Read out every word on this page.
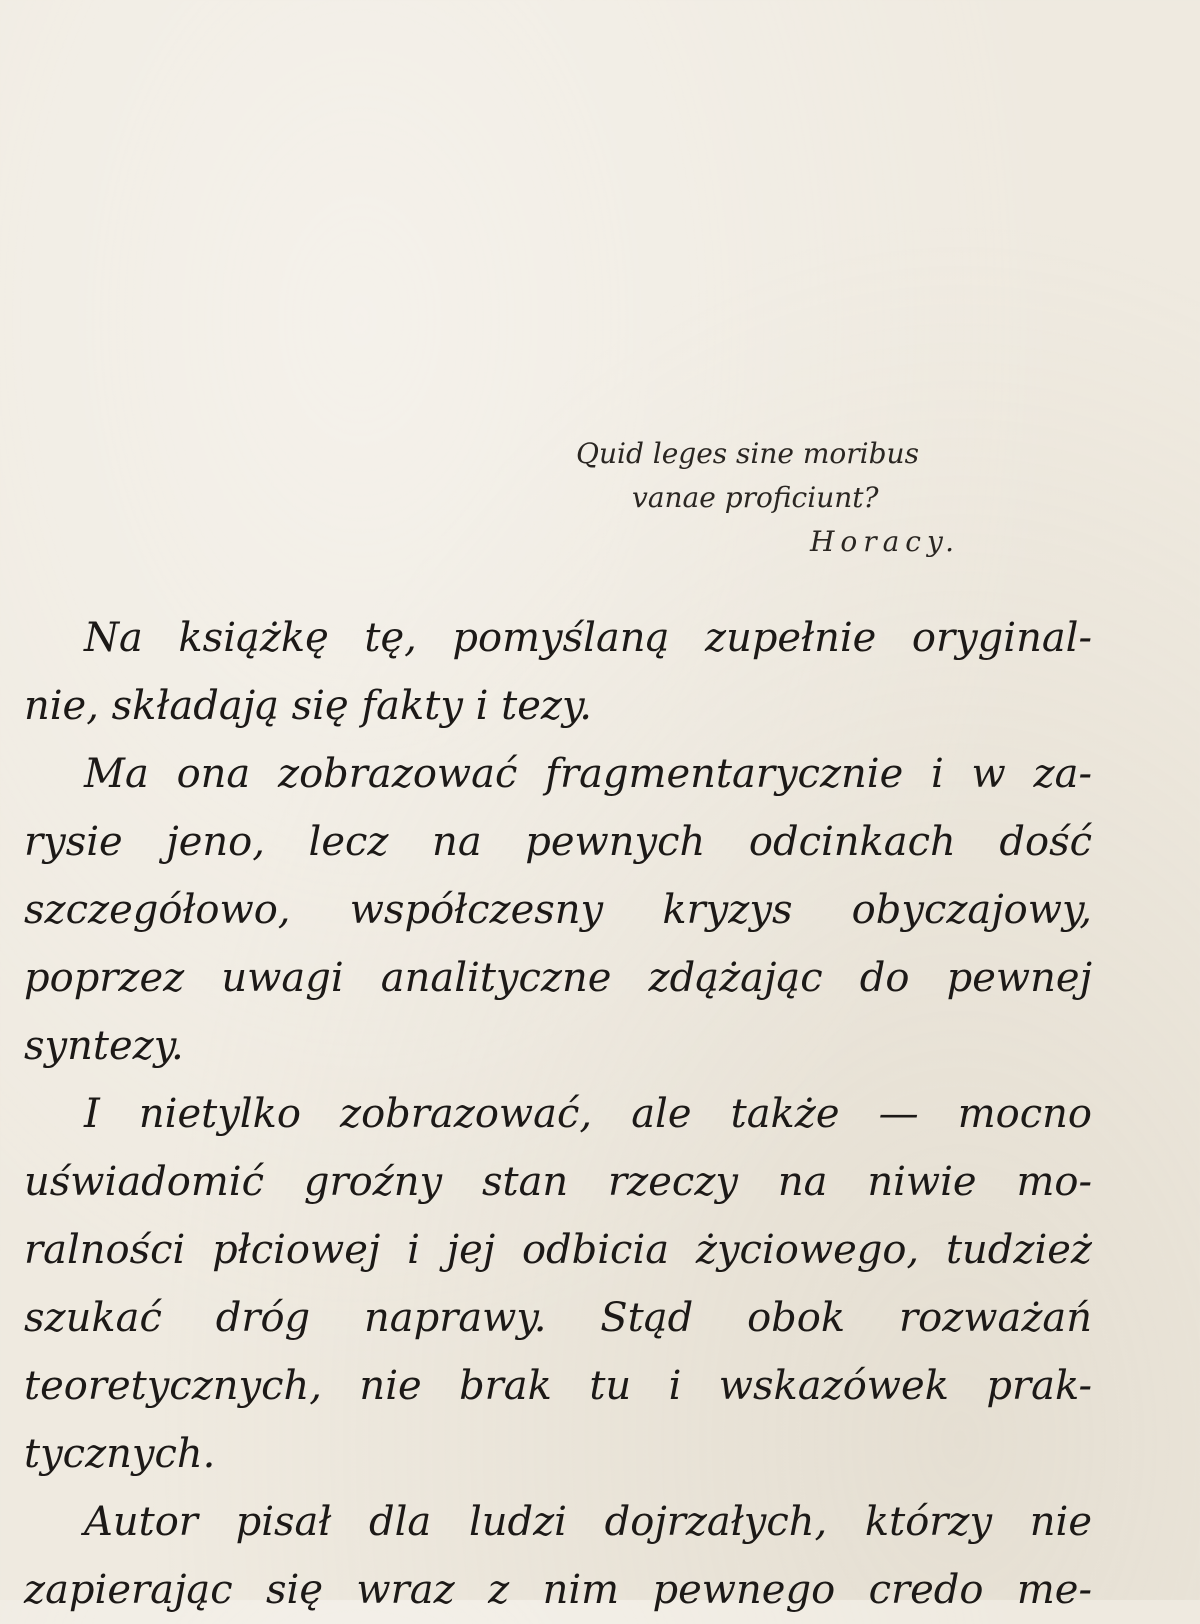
Quid leges sine moribus
vanae proficiunt?
Horacy.

Na książkę tę, pomyślaną zupełnie oryginal-
nie, składają się fakty i tezy.

Ma ona zobrazować fragmentarycznie i w za-
rysie jeno, lecz na pewnych odcinkach dość
szczegółowo, współczesny kryzys obyczajowy,
poprzez uwagi analityczne zdążając do pewnej
syntezy.

I nietylko zobrazować, ale także — mocno
uświadomić groźny stan rzeczy na niwie mo-
ralności płciowej i jej odbicia życiowego, tudzież
szukać dróg naprawy. Stąd obok rozważań
teoretycznych, nie brak tu i wskazówek prak-
tycznych.

Autor pisał dla ludzi dojrzałych, którzy nie
zapierając się wraz z nim pewnego credo me-
